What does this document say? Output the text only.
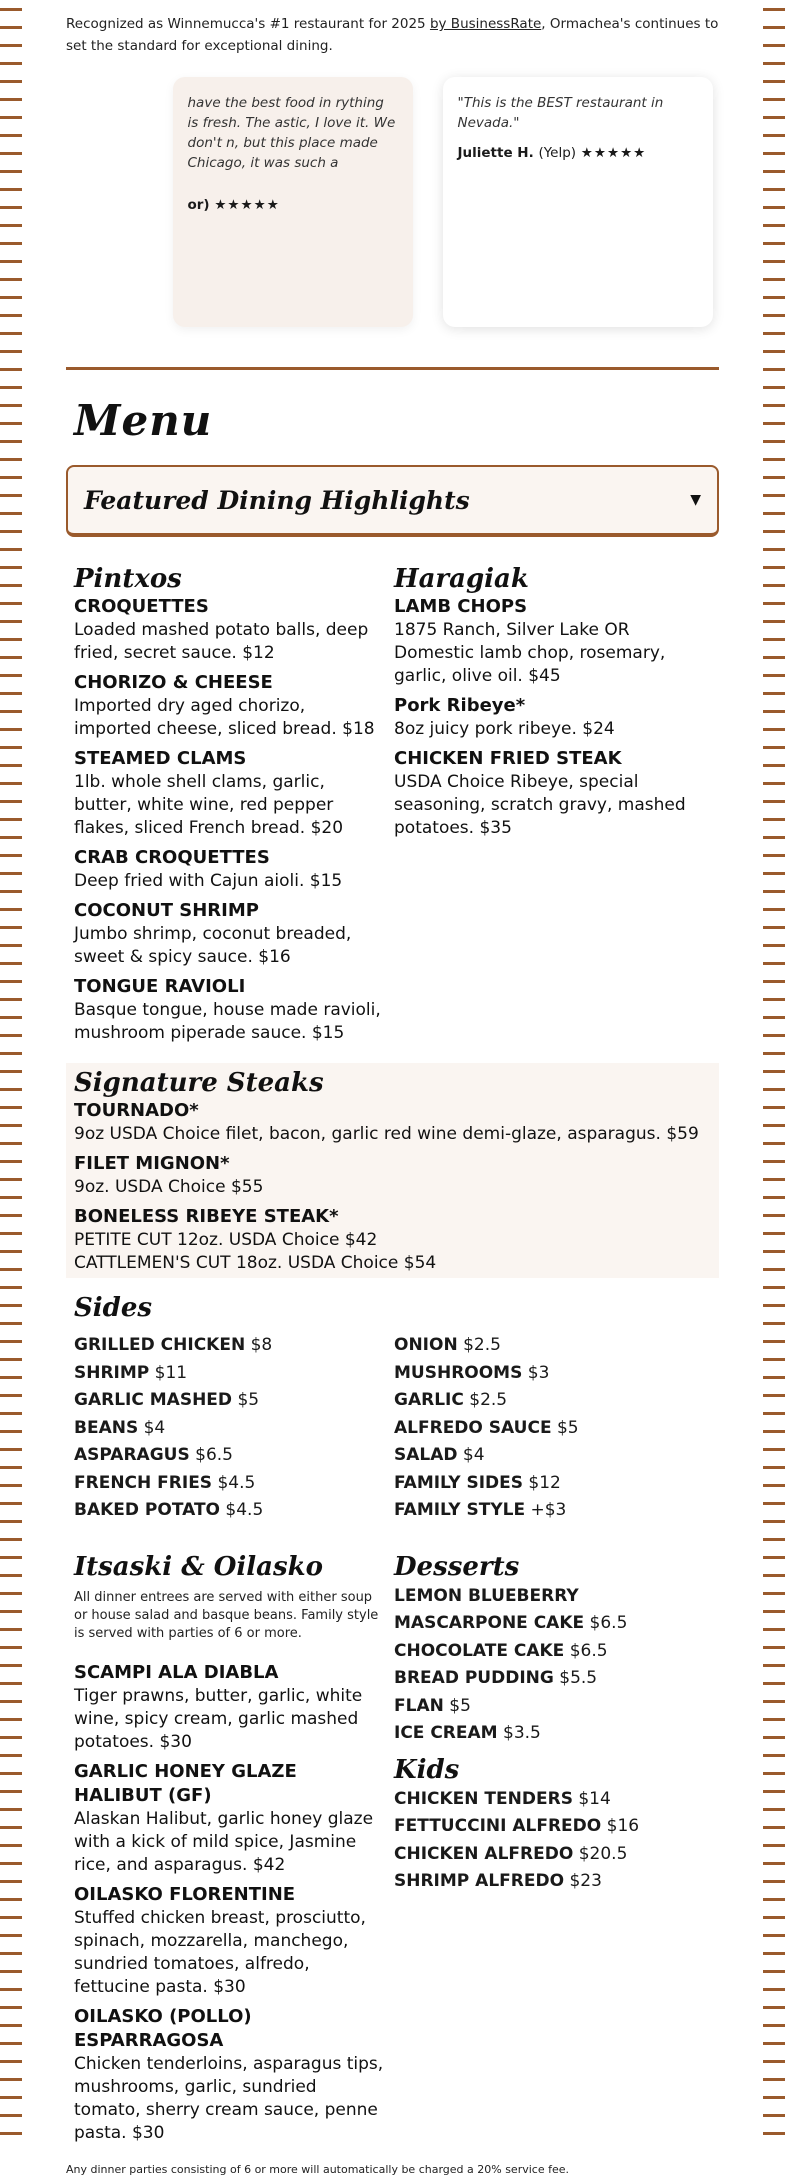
Recognized as Winnemucca's #1 restaurant for 2025 by BusinessRate, Ormachea's continues to set the standard for exceptional dining.

have the best food in rything is fresh. The astic, I love it. We don't n, but this place made Chicago, it was such a
or) ★★★★★
"This is the BEST restaurant in Nevada."
Juliette H. (Yelp) ★★★★★
Menu
Featured Dining Highlights	▼
Pintxos
CROQUETTES
Loaded mashed potato balls, deep fried, secret sauce. $12
CHORIZO & CHEESE
Imported dry aged chorizo, imported cheese, sliced bread. $18
STEAMED CLAMS
1lb. whole shell clams, garlic, butter, white wine, red pepper flakes, sliced French bread. $20
CRAB CROQUETTES
Deep fried with Cajun aioli. $15
COCONUT SHRIMP
Jumbo shrimp, coconut breaded, sweet & spicy sauce. $16
TONGUE RAVIOLI
Basque tongue, house made ravioli, mushroom piperade sauce. $15
Haragiak
LAMB CHOPS
1875 Ranch, Silver Lake OR Domestic lamb chop, rosemary, garlic, olive oil. $45
Pork Ribeye*
8oz juicy pork ribeye. $24
CHICKEN FRIED STEAK
USDA Choice Ribeye, special seasoning, scratch gravy, mashed potatoes. $35
Signature Steaks
TOURNADO*
9oz USDA Choice filet, bacon, garlic red wine demi-glaze, asparagus. $59
FILET MIGNON*
9oz. USDA Choice $55
BONELESS RIBEYE STEAK*
PETITE CUT 12oz. USDA Choice $42
CATTLEMEN'S CUT 18oz. USDA Choice $54
Sides
GRILLED CHICKEN $8
SHRIMP $11
GARLIC MASHED $5
BEANS $4
ASPARAGUS $6.5
FRENCH FRIES $4.5
BAKED POTATO $4.5
ONION $2.5
MUSHROOMS $3
GARLIC $2.5
ALFREDO SAUCE $5
SALAD $4
FAMILY SIDES $12
FAMILY STYLE +$3
Itsaski & Oilasko

All dinner entrees are served with either soup or house salad and basque beans. Family style is served with parties of 6 or more.

SCAMPI ALA DIABLA
Tiger prawns, butter, garlic, white wine, spicy cream, garlic mashed potatoes. $30
GARLIC HONEY GLAZE HALIBUT (GF)
Alaskan Halibut, garlic honey glaze with a kick of mild spice, Jasmine rice, and asparagus. $42
OILASKO FLORENTINE
Stuffed chicken breast, prosciutto, spinach, mozzarella, manchego, sundried tomatoes, alfredo, fettucine pasta. $30
OILASKO (POLLO) ESPARRAGOSA
Chicken tenderloins, asparagus tips, mushrooms, garlic, sundried tomato, sherry cream sauce, penne pasta. $30
Desserts
LEMON BLUEBERRY
MASCARPONE CAKE $6.5
CHOCOLATE CAKE $6.5
BREAD PUDDING $5.5
FLAN $5
ICE CREAM $3.5
Kids
CHICKEN TENDERS $14
FETTUCCINI ALFREDO $16
CHICKEN ALFREDO $20.5
SHRIMP ALFREDO $23

Any dinner parties consisting of 6 or more will automatically be charged a 20% service fee.
